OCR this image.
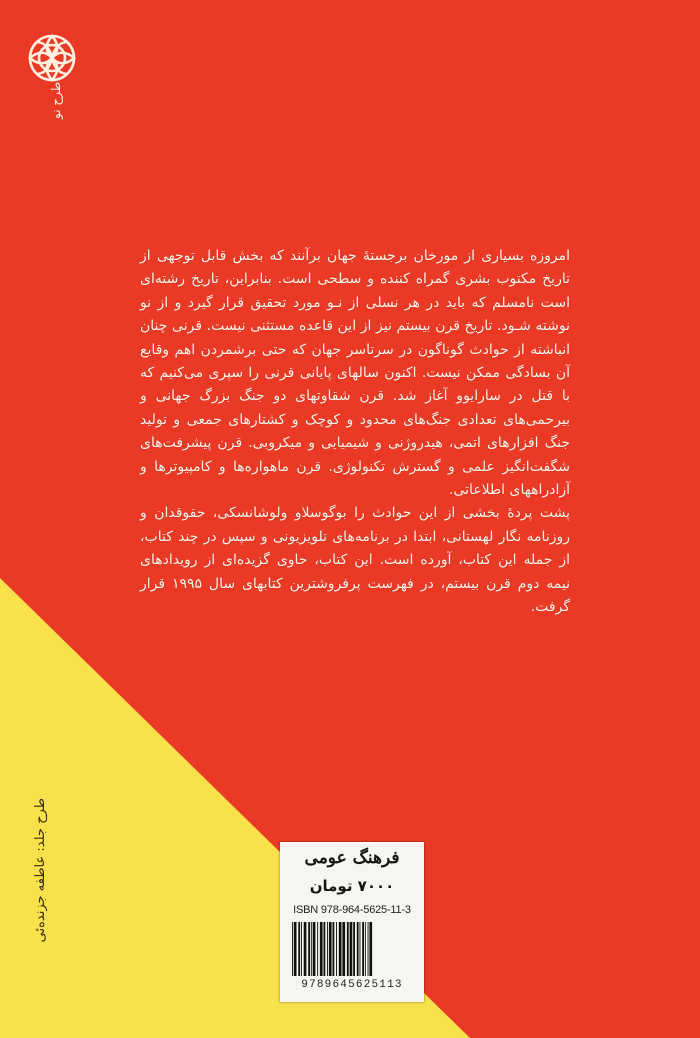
طرح نو

امروزه بسیاری از مورخان برجستهٔ جهان برآنند که بخش قابل توجهی از تاریخ مکتوب بشری گمراه کننده و سطحی است. بنابراین، تاریخ رشته‌ای است نامسلم که باید در هر نسلی از نـو مورد تحقیق قرار گیرد و از نو نوشته شـود. تاریخ قرن بیستم نیز از این قاعده مستثنی نیست. قرنی چنان انباشته از حوادث گوناگون در سرتاسر جهان که حتی برشمردن اهم وقایع آن بسادگی ممکن نیست. اکنون سالهای پایانی قرنی را سپری می‌کنیم که با قتل در سارایوو آغاز شد. قرن شقاوتهای دو جنگ بزرگ جهانی و بیرحمی‌های تعدادی جنگ‌های محدود و کوچک و کشتارهای جمعی و تولید جنگ افزارهای اتمی، هیدروژنی و شیمیایی و میکروبی. قرن پیشرفت‌های شگفت‌انگیز علمی و گسترش تکنولوژی. قرن ماهواره‌ها و کامپیوترها و آزادراههای اطلاعاتی.

پشت پردهٔ بخشی از این حوادث را بوگوسلاو ولوشانسکی، حقوقدان و روزنامه نگار لهستانی، ابتدا در برنامه‌های تلویزیونی و سپس در چند کتاب، از جمله این کتاب، آورده است. این کتاب، حاوی گزیده‌ای از رویدادهای نیمه دوم قرن بیستم، در فهرست پرفروشترین کتابهای سال ۱۹۹۵ قرار گرفت.

طرح جلد: عاطفه جزنده‌ئی	فرهنگ عومی
۷۰۰۰ تومان
ISBN 978-964-5625-11-3
9789645625113
